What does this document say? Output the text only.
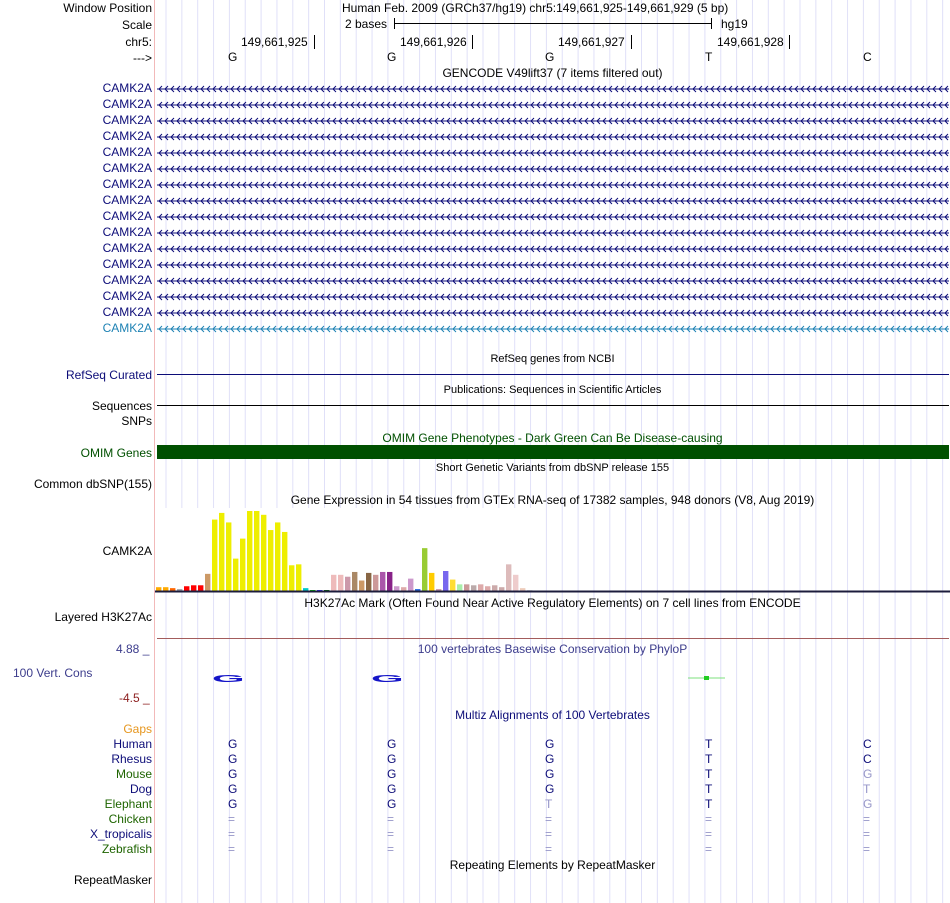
Window Position	Human Feb. 2009 (GRCh37/hg19) chr5:149,661,925-149,661,929 (5 bp)
Scale	2 bases	hg19
chr5:	149,661,925	149,661,926	149,661,927	149,661,928
--->	G	G	G	T	C
GENCODE V49lift37 (7 items filtered out)
CAMK2A
CAMK2A
CAMK2A
CAMK2A
CAMK2A
CAMK2A
CAMK2A
CAMK2A
CAMK2A
CAMK2A
CAMK2A
CAMK2A
CAMK2A
CAMK2A
CAMK2A
CAMK2A
RefSeq genes from NCBI
RefSeq Curated
Publications: Sequences in Scientific Articles
Sequences
SNPs
OMIM Gene Phenotypes - Dark Green Can Be Disease-causing
OMIM Genes
Short Genetic Variants from dbSNP release 155
Common dbSNP(155)
Gene Expression in 54 tissues from GTEx RNA-seq of 17382 samples, 948 donors (V8, Aug 2019)
CAMK2A
H3K27Ac Mark (Often Found Near Active Regulatory Elements) on 7 cell lines from ENCODE
Layered H3K27Ac
100 vertebrates Basewise Conservation by PhyloP
4.88 _
100 Vert. Cons
-4.5 _
G	G
Multiz Alignments of 100 Vertebrates
Gaps
Human	G	G	G	T	C
Rhesus	G	G	G	T	C
Mouse	G	G	G	T	G
Dog	G	G	G	T	T
Elephant	G	G	T	T	G
Chicken	=	=	=	=	=
X_tropicalis	=	=	=	=	=
Zebrafish	=	=	=	=	=
Repeating Elements by RepeatMasker
RepeatMasker
